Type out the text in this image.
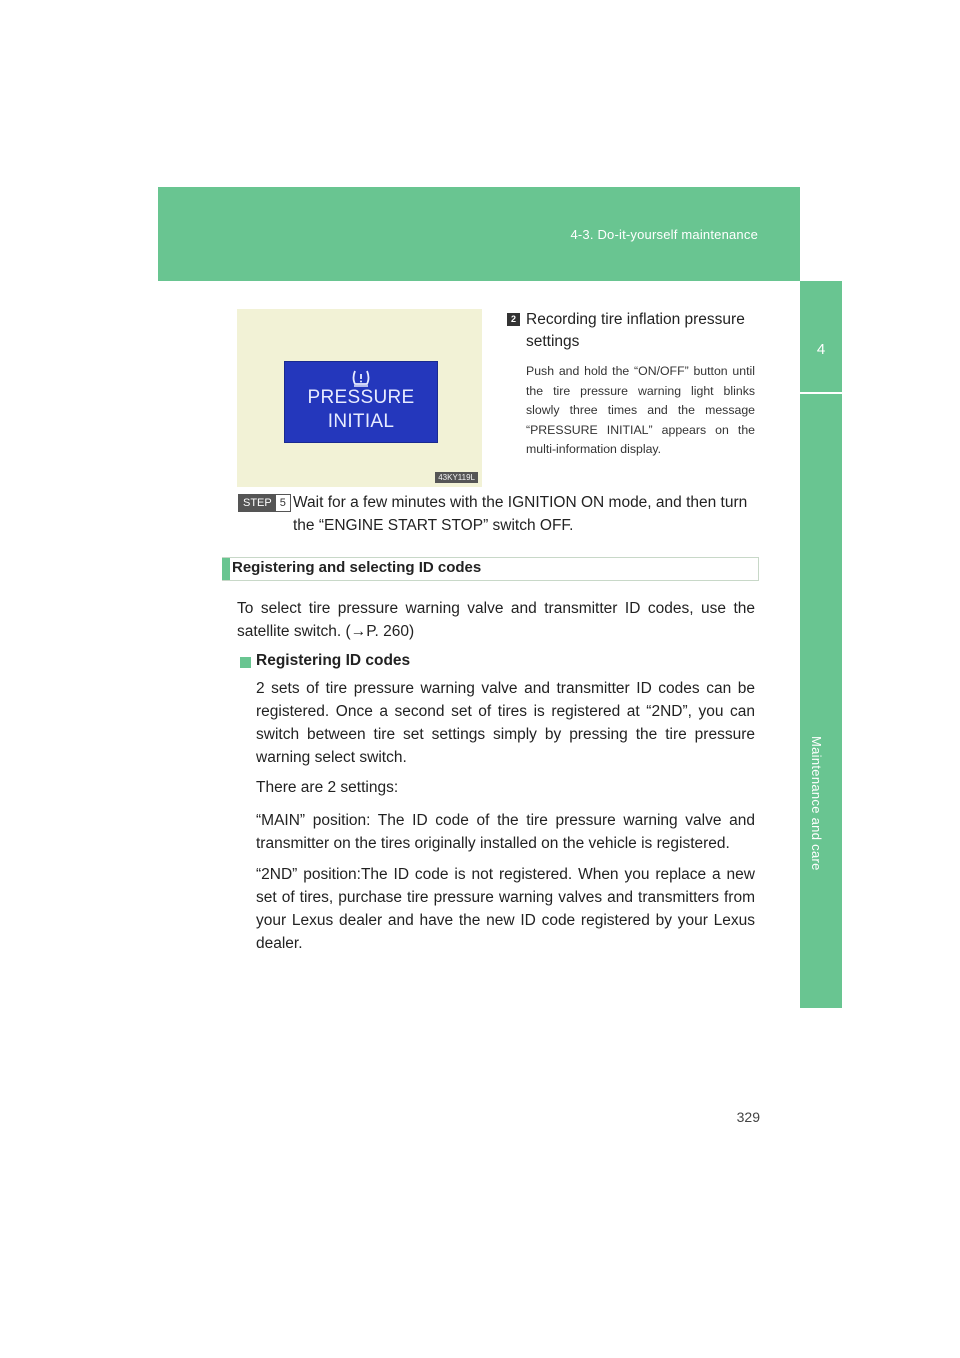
4-3. Do-it-yourself maintenance
4
Maintenance and care
PRESSURE
INITIAL
43KY119L
2 Recording tire inflation pressure settings
Push and hold the “ON/OFF” button until the tire pressure warning light blinks slowly three times and the message “PRESSURE INITIAL” appears on the multi-information display.
STEP 5 Wait for a few minutes with the IGNITION ON mode, and then turn the “ENGINE START STOP” switch OFF.
Registering and selecting ID codes
To select tire pressure warning valve and transmitter ID codes, use the satellite switch. (→P. 260)
Registering ID codes
2 sets of tire pressure warning valve and transmitter ID codes can be registered. Once a second set of tires is registered at “2ND”, you can switch between tire set settings simply by pressing the tire pressure warning select switch.
There are 2 settings:
“MAIN” position: The ID code of the tire pressure warning valve and transmitter on the tires originally installed on the vehicle is registered.
“2ND” position:The ID code is not registered. When you replace a new set of tires, purchase tire pressure warning valves and transmitters from your Lexus dealer and have the new ID code registered by your Lexus dealer.
329
